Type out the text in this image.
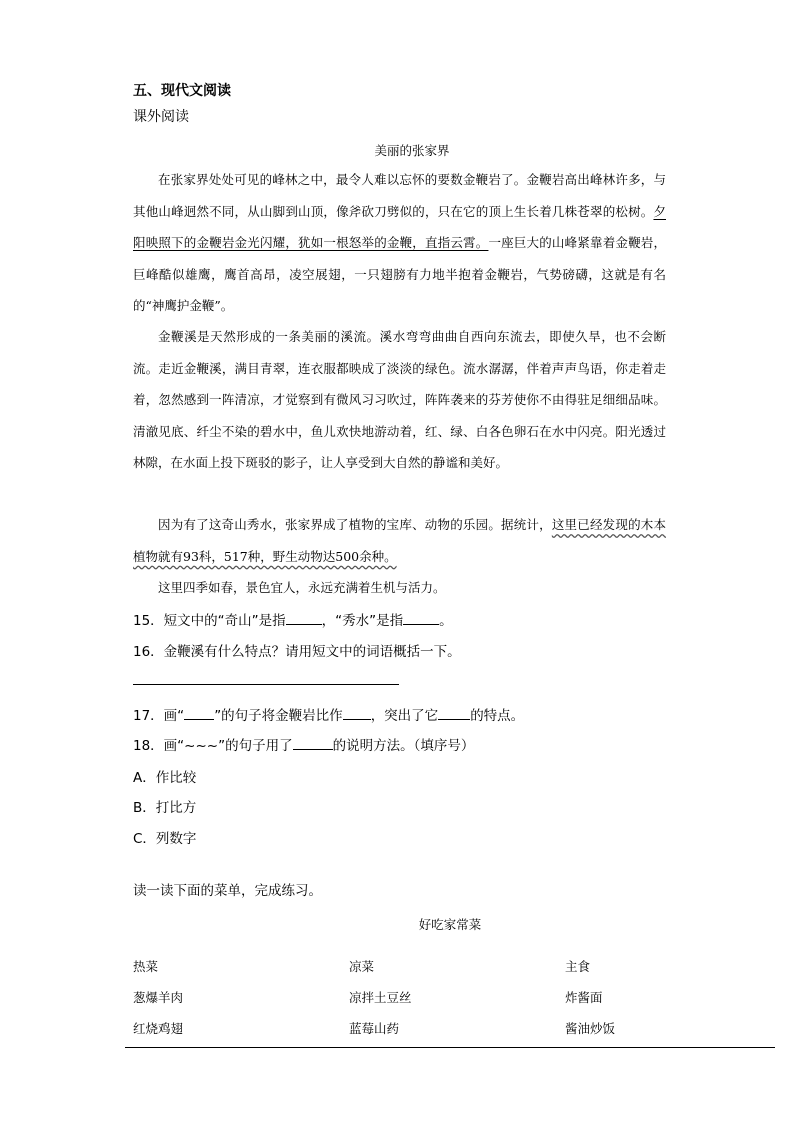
五、现代文阅读
课外阅读
美丽的张家界
在张家界处处可见的峰林之中，最令人难以忘怀的要数金鞭岩了。金鞭岩高出峰林许多，与其他山峰迥然不同，从山脚到山顶，像斧砍刀劈似的，只在它的顶上生长着几株苍翠的松树。夕阳映照下的金鞭岩金光闪耀，犹如一根怒举的金鞭，直指云霄。一座巨大的山峰紧靠着金鞭岩，巨峰酷似雄鹰，鹰首高昂，凌空展翅，一只翅膀有力地半抱着金鞭岩，气势磅礴，这就是有名的“神鹰护金鞭”。
金鞭溪是天然形成的一条美丽的溪流。溪水弯弯曲曲自西向东流去，即使久旱，也不会断流。走近金鞭溪，满目青翠，连衣服都映成了淡淡的绿色。流水潺潺，伴着声声鸟语，你走着走着，忽然感到一阵清凉，才觉察到有微风习习吹过，阵阵袭来的芬芳使你不由得驻足细细品味。清澈见底、纤尘不染的碧水中，鱼儿欢快地游动着，红、绿、白各色卵石在水中闪亮。阳光透过林隙，在水面上投下斑驳的影子，让人享受到大自然的静谧和美好。
因为有了这奇山秀水，张家界成了植物的宝库、动物的乐园。据统计，这里已经发现的木本植物就有93科，517种，野生动物达500余种。
这里四季如春，景色宜人，永远充满着生机与活力。
15．短文中的“奇山”是指	，“秀水”是指	。
16．金鞭溪有什么特点？请用短文中的词语概括一下。
17．画“ ”的句子将金鞭岩比作 ，突出了它 的特点。
18．画“~~~”的句子用了	的说明方法。（填序号）
A．作比较
B．打比方
C．列数字
读一读下面的菜单，完成练习。
好吃家常菜
热菜	凉菜	主食
葱爆羊肉	凉拌土豆丝	炸酱面
红烧鸡翅	蓝莓山药	酱油炒饭
